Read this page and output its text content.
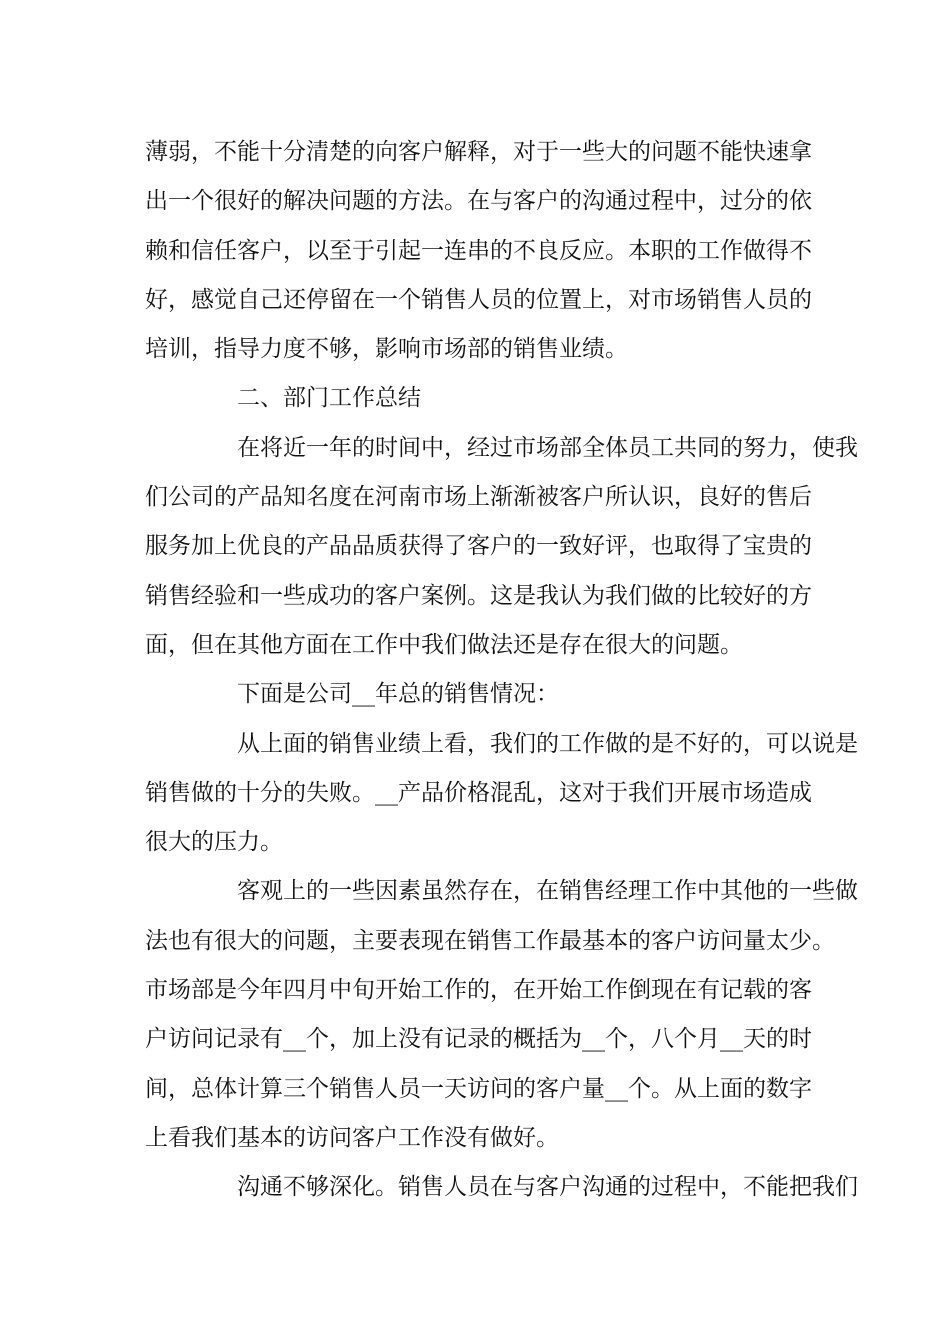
薄弱，不能十分清楚的向客户解释，对于一些大的问题不能快速拿
出一个很好的解决问题的方法。在与客户的沟通过程中，过分的依
赖和信任客户，以至于引起一连串的不良反应。本职的工作做得不
好，感觉自己还停留在一个销售人员的位置上，对市场销售人员的
培训，指导力度不够，影响市场部的销售业绩。
二、部门工作总结
在将近一年的时间中，经过市场部全体员工共同的努力，使我
们公司的产品知名度在河南市场上渐渐被客户所认识，良好的售后
服务加上优良的产品品质获得了客户的一致好评，也取得了宝贵的
销售经验和一些成功的客户案例。这是我认为我们做的比较好的方
面，但在其他方面在工作中我们做法还是存在很大的问题。
下面是公司__年总的销售情况：
从上面的销售业绩上看，我们的工作做的是不好的，可以说是
销售做的十分的失败。__产品价格混乱，这对于我们开展市场造成
很大的压力。
客观上的一些因素虽然存在，在销售经理工作中其他的一些做
法也有很大的问题，主要表现在销售工作最基本的客户访问量太少。
市场部是今年四月中旬开始工作的，在开始工作倒现在有记载的客
户访问记录有__个，加上没有记录的概括为__个，八个月__天的时
间，总体计算三个销售人员一天访问的客户量__个。从上面的数字
上看我们基本的访问客户工作没有做好。
沟通不够深化。销售人员在与客户沟通的过程中，不能把我们
